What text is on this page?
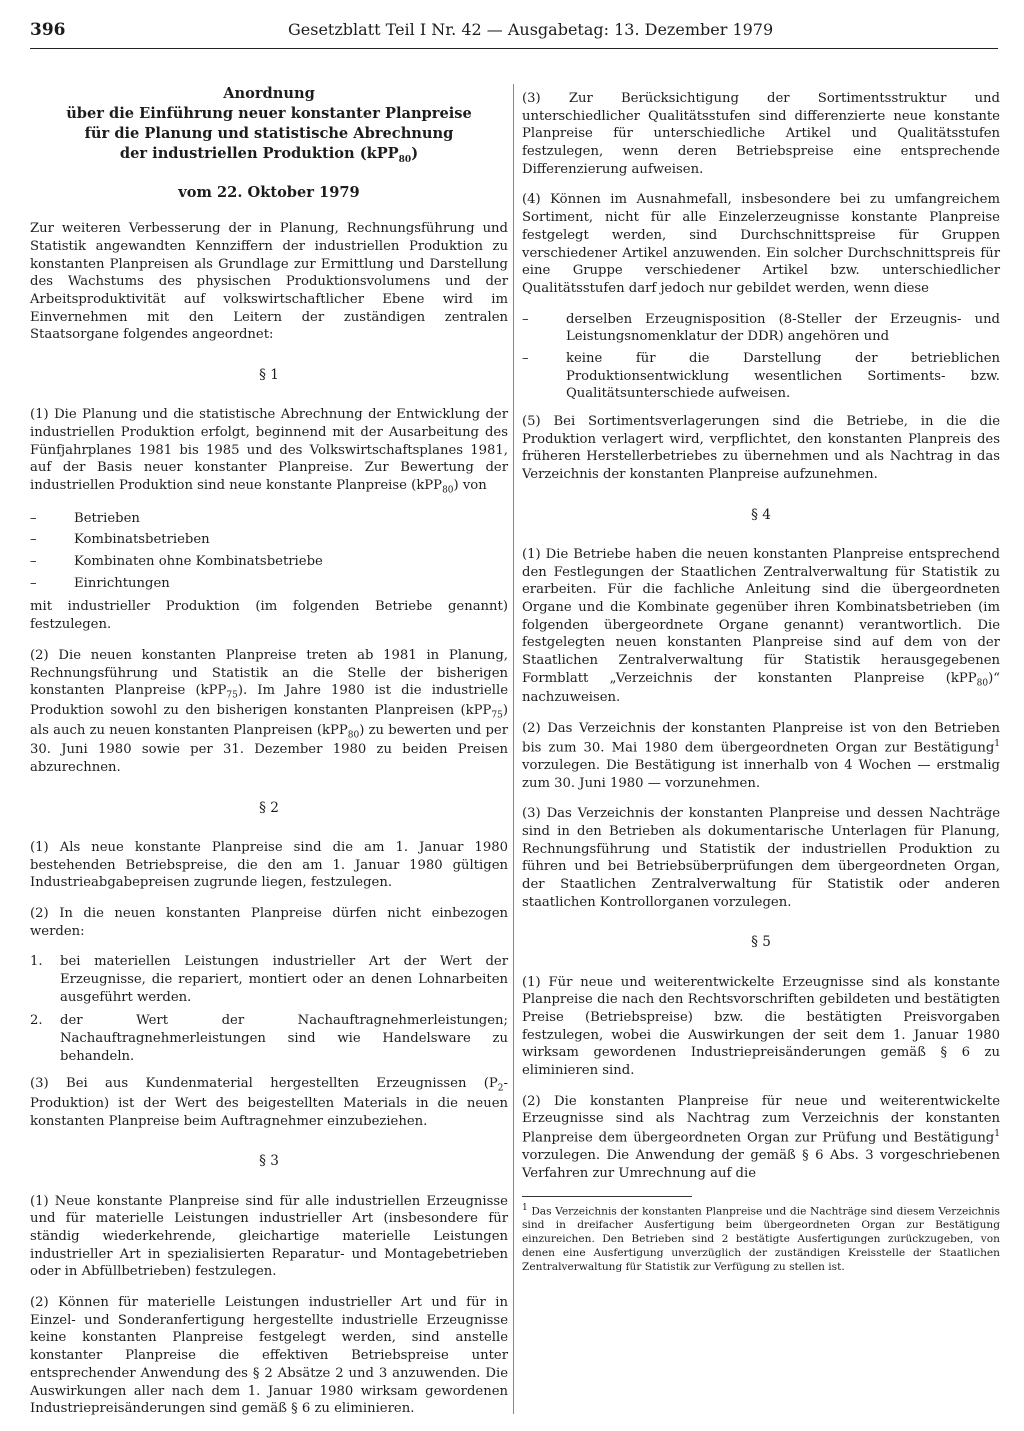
396	Gesetzblatt Teil I Nr. 42 — Ausgabetag: 13. Dezember 1979
Anordnung
über die Einführung neuer konstanter Planpreise
für die Planung und statistische Abrechnung
der industriellen Produktion (kPP$_{80}$)
vom 22. Oktober 1979

Zur weiteren Verbesserung der in Planung, Rechnungsführung und Statistik angewandten Kennziffern der industriellen Produktion zu konstanten Planpreisen als Grundlage zur Ermittlung und Darstellung des Wachstums des physischen Produktionsvolumens und der Arbeitsproduktivität auf volkswirtschaftlicher Ebene wird im Einvernehmen mit den Leitern der zuständigen zentralen Staatsorgane folgendes angeordnet:

§ 1

(1) Die Planung und die statistische Abrechnung der Entwicklung der industriellen Produktion erfolgt, beginnend mit der Ausarbeitung des Fünfjahrplanes 1981 bis 1985 und des Volkswirtschaftsplanes 1981, auf der Basis neuer konstanter Planpreise. Zur Bewertung der industriellen Produktion sind neue konstante Planpreise (kPP$_{80}$) von

– Betrieben
– Kombinatsbetrieben
– Kombinaten ohne Kombinatsbetriebe
– Einrichtungen

mit industrieller Produktion (im folgenden Betriebe genannt) festzulegen.

(2) Die neuen konstanten Planpreise treten ab 1981 in Planung, Rechnungsführung und Statistik an die Stelle der bisherigen konstanten Planpreise (kPP$_{75}$). Im Jahre 1980 ist die industrielle Produktion sowohl zu den bisherigen konstanten Planpreisen (kPP$_{75}$) als auch zu neuen konstanten Planpreisen (kPP$_{80}$) zu bewerten und per 30. Juni 1980 sowie per 31. Dezember 1980 zu beiden Preisen abzurechnen.

§ 2

(1) Als neue konstante Planpreise sind die am 1. Januar 1980 bestehenden Betriebspreise, die den am 1. Januar 1980 gültigen Industrieabgabepreisen zugrunde liegen, festzulegen.

(2) In die neuen konstanten Planpreise dürfen nicht einbezogen werden:

1. bei materiellen Leistungen industrieller Art der Wert der Erzeugnisse, die repariert, montiert oder an denen Lohnarbeiten ausgeführt werden.
2. der Wert der Nachauftragnehmerleistungen; Nachauftragnehmerleistungen sind wie Handelsware zu behandeln.

(3) Bei aus Kundenmaterial hergestellten Erzeugnissen $(P_2-Produktion)$ ist der Wert des beigestellten Materials in die neuen konstanten Planpreise beim Auftragnehmer einzubeziehen.

§ 3

(1) Neue konstante Planpreise sind für alle industriellen Erzeugnisse und für materielle Leistungen industrieller Art (insbesondere für ständig wiederkehrende, gleichartige materielle Leistungen industrieller Art in spezialisierten Reparatur- und Montagebetrieben oder in Abfüllbetrieben) festzulegen.

(2) Können für materielle Leistungen industrieller Art und für in Einzel- und Sonderanfertigung hergestellte industrielle Erzeugnisse keine konstanten Planpreise festgelegt werden, sind anstelle konstanter Planpreise die effektiven Betriebspreise unter entsprechender Anwendung des § 2 Absätze 2 und 3 anzuwenden. Die Auswirkungen aller nach dem 1. Januar 1980 wirksam gewordenen Industriepreisänderungen sind gemäß § 6 zu eliminieren.

(3) Zur Berücksichtigung der Sortimentsstruktur und unterschiedlicher Qualitätsstufen sind differenzierte neue konstante Planpreise für unterschiedliche Artikel und Qualitätsstufen festzulegen, wenn deren Betriebspreise eine entsprechende Differenzierung aufweisen.

(4) Können im Ausnahmefall, insbesondere bei zu umfangreichem Sortiment, nicht für alle Einzelerzeugnisse konstante Planpreise festgelegt werden, sind Durchschnittspreise für Gruppen verschiedener Artikel anzuwenden. Ein solcher Durchschnittspreis für eine Gruppe verschiedener Artikel bzw. unterschiedlicher Qualitätsstufen darf jedoch nur gebildet werden, wenn diese

– derselben Erzeugnisposition (8-Steller der Erzeugnis- und Leistungsnomenklatur der DDR) angehören und
– keine für die Darstellung der betrieblichen Produktionsentwicklung wesentlichen Sortiments- bzw. Qualitätsunterschiede aufweisen.

(5) Bei Sortimentsverlagerungen sind die Betriebe, in die die Produktion verlagert wird, verpflichtet, den konstanten Planpreis des früheren Herstellerbetriebes zu übernehmen und als Nachtrag in das Verzeichnis der konstanten Planpreise aufzunehmen.

§ 4

(1) Die Betriebe haben die neuen konstanten Planpreise entsprechend den Festlegungen der Staatlichen Zentralverwaltung für Statistik zu erarbeiten. Für die fachliche Anleitung sind die übergeordneten Organe und die Kombinate gegenüber ihren Kombinatsbetrieben (im folgenden übergeordnete Organe genannt) verantwortlich. Die festgelegten neuen konstanten Planpreise sind auf dem von der Staatlichen Zentralverwaltung für Statistik herausgegebenen Formblatt „Verzeichnis der konstanten Planpreise (kPP$_{80}$)“ nachzuweisen.

(2) Das Verzeichnis der konstanten Planpreise ist von den Betrieben bis zum 30. Mai 1980 dem übergeordneten Organ zur Bestätigung$^1$ vorzulegen. Die Bestätigung ist innerhalb von 4 Wochen — erstmalig zum 30. Juni 1980 — vorzunehmen.

(3) Das Verzeichnis der konstanten Planpreise und dessen Nachträge sind in den Betrieben als dokumentarische Unterlagen für Planung, Rechnungsführung und Statistik der industriellen Produktion zu führen und bei Betriebsüberprüfungen dem übergeordneten Organ, der Staatlichen Zentralverwaltung für Statistik oder anderen staatlichen Kontrollorganen vorzulegen.

§ 5

(1) Für neue und weiterentwickelte Erzeugnisse sind als konstante Planpreise die nach den Rechtsvorschriften gebildeten und bestätigten Preise (Betriebspreise) bzw. die bestätigten Preisvorgaben festzulegen, wobei die Auswirkungen der seit dem 1. Januar 1980 wirksam gewordenen Industriepreisänderungen gemäß § 6 zu eliminieren sind.

(2) Die konstanten Planpreise für neue und weiterentwickelte Erzeugnisse sind als Nachtrag zum Verzeichnis der konstanten Planpreise dem übergeordneten Organ zur Prüfung und Bestätigung$^1$ vorzulegen. Die Anwendung der gemäß § 6 Abs. 3 vorgeschriebenen Verfahren zur Umrechnung auf die

$^1$ Das Verzeichnis der konstanten Planpreise und die Nachträge sind diesem Verzeichnis sind in dreifacher Ausfertigung beim übergeordneten Organ zur Bestätigung einzureichen. Den Betrieben sind 2 bestätigte Ausfertigungen zurückzugeben, von denen eine Ausfertigung unverzüglich der zuständigen Kreisstelle der Staatlichen Zentralverwaltung für Statistik zur Verfügung zu stellen ist.
